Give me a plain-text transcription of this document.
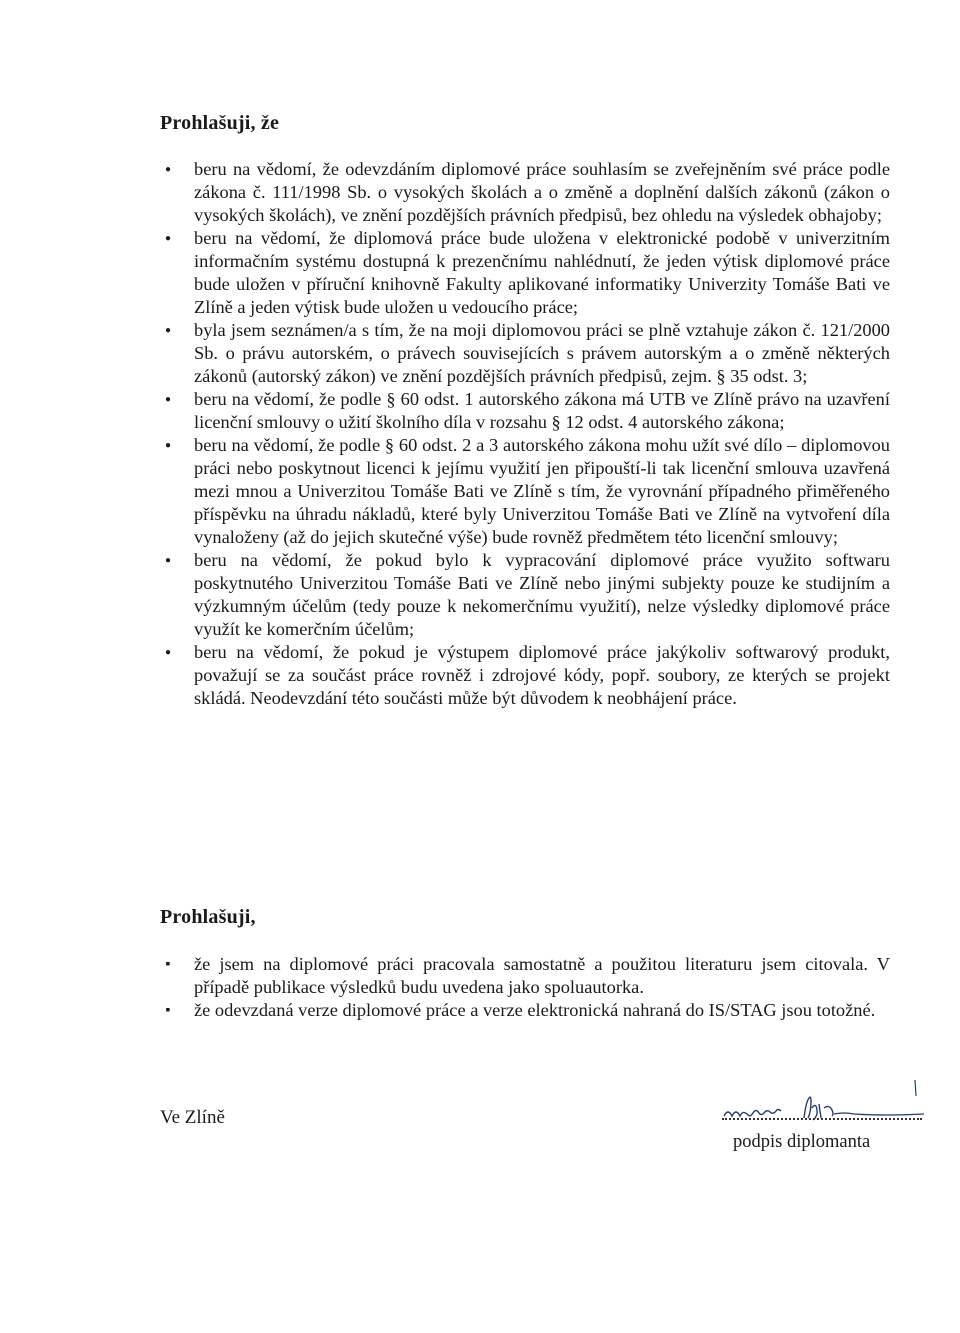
Prohlašuji, že
●
beru na vědomí, že odevzdáním diplomové práce souhlasím se zveřejněním své práce podle zákona č. 111/1998 Sb. o vysokých školách a o změně a doplnění dalších zákonů (zákon o vysokých školách), ve znění pozdějších právních předpisů, bez ohledu na výsledek obhajoby;
●
beru na vědomí, že diplomová práce bude uložena v elektronické podobě v univerzitním informačním systému dostupná k prezenčnímu nahlédnutí, že jeden výtisk diplomové práce bude uložen v příruční knihovně Fakulty aplikované informatiky Univerzity Tomáše Bati ve Zlíně a jeden výtisk bude uložen u vedoucího práce;
●
byla jsem seznámen/a s tím, že na moji diplomovou práci se plně vztahuje zákon č. 121/2000 Sb. o právu autorském, o právech souvisejících s právem autorským a o změně některých zákonů (autorský zákon) ve znění pozdějších právních předpisů, zejm. § 35 odst. 3;
●
beru na vědomí, že podle § 60 odst. 1 autorského zákona má UTB ve Zlíně právo na uzavření licenční smlouvy o užití školního díla v rozsahu § 12 odst. 4 autorského zákona;
●
beru na vědomí, že podle § 60 odst. 2 a 3 autorského zákona mohu užít své dílo – diplomovou práci nebo poskytnout licenci k jejímu využití jen připouští-li tak licenční smlouva uzavřená mezi mnou a Univerzitou Tomáše Bati ve Zlíně s tím, že vyrovnání případného přiměřeného příspěvku na úhradu nákladů, které byly Univerzitou Tomáše Bati ve Zlíně na vytvoření díla vynaloženy (až do jejich skutečné výše) bude rovněž předmětem této licenční smlouvy;
●
beru na vědomí, že pokud bylo k vypracování diplomové práce využito softwaru poskytnutého Univerzitou Tomáše Bati ve Zlíně nebo jinými subjekty pouze ke studijním a výzkumným účelům (tedy pouze k nekomerčnímu využití), nelze výsledky diplomové práce využít ke komerčním účelům;
●
beru na vědomí, že pokud je výstupem diplomové práce jakýkoliv softwarový produkt, považují se za součást práce rovněž i zdrojové kódy, popř. soubory, ze kterých se projekt skládá. Neodevzdání této součásti může být důvodem k neobhájení práce.
Prohlašuji,
▪
že jsem na diplomové práci pracovala samostatně a použitou literaturu jsem citovala. V případě publikace výsledků budu uvedena jako spoluautorka.
▪
že odevzdaná verze diplomové práce a verze elektronická nahraná do IS/STAG jsou totožné.
Ve Zlíně
podpis diplomanta
